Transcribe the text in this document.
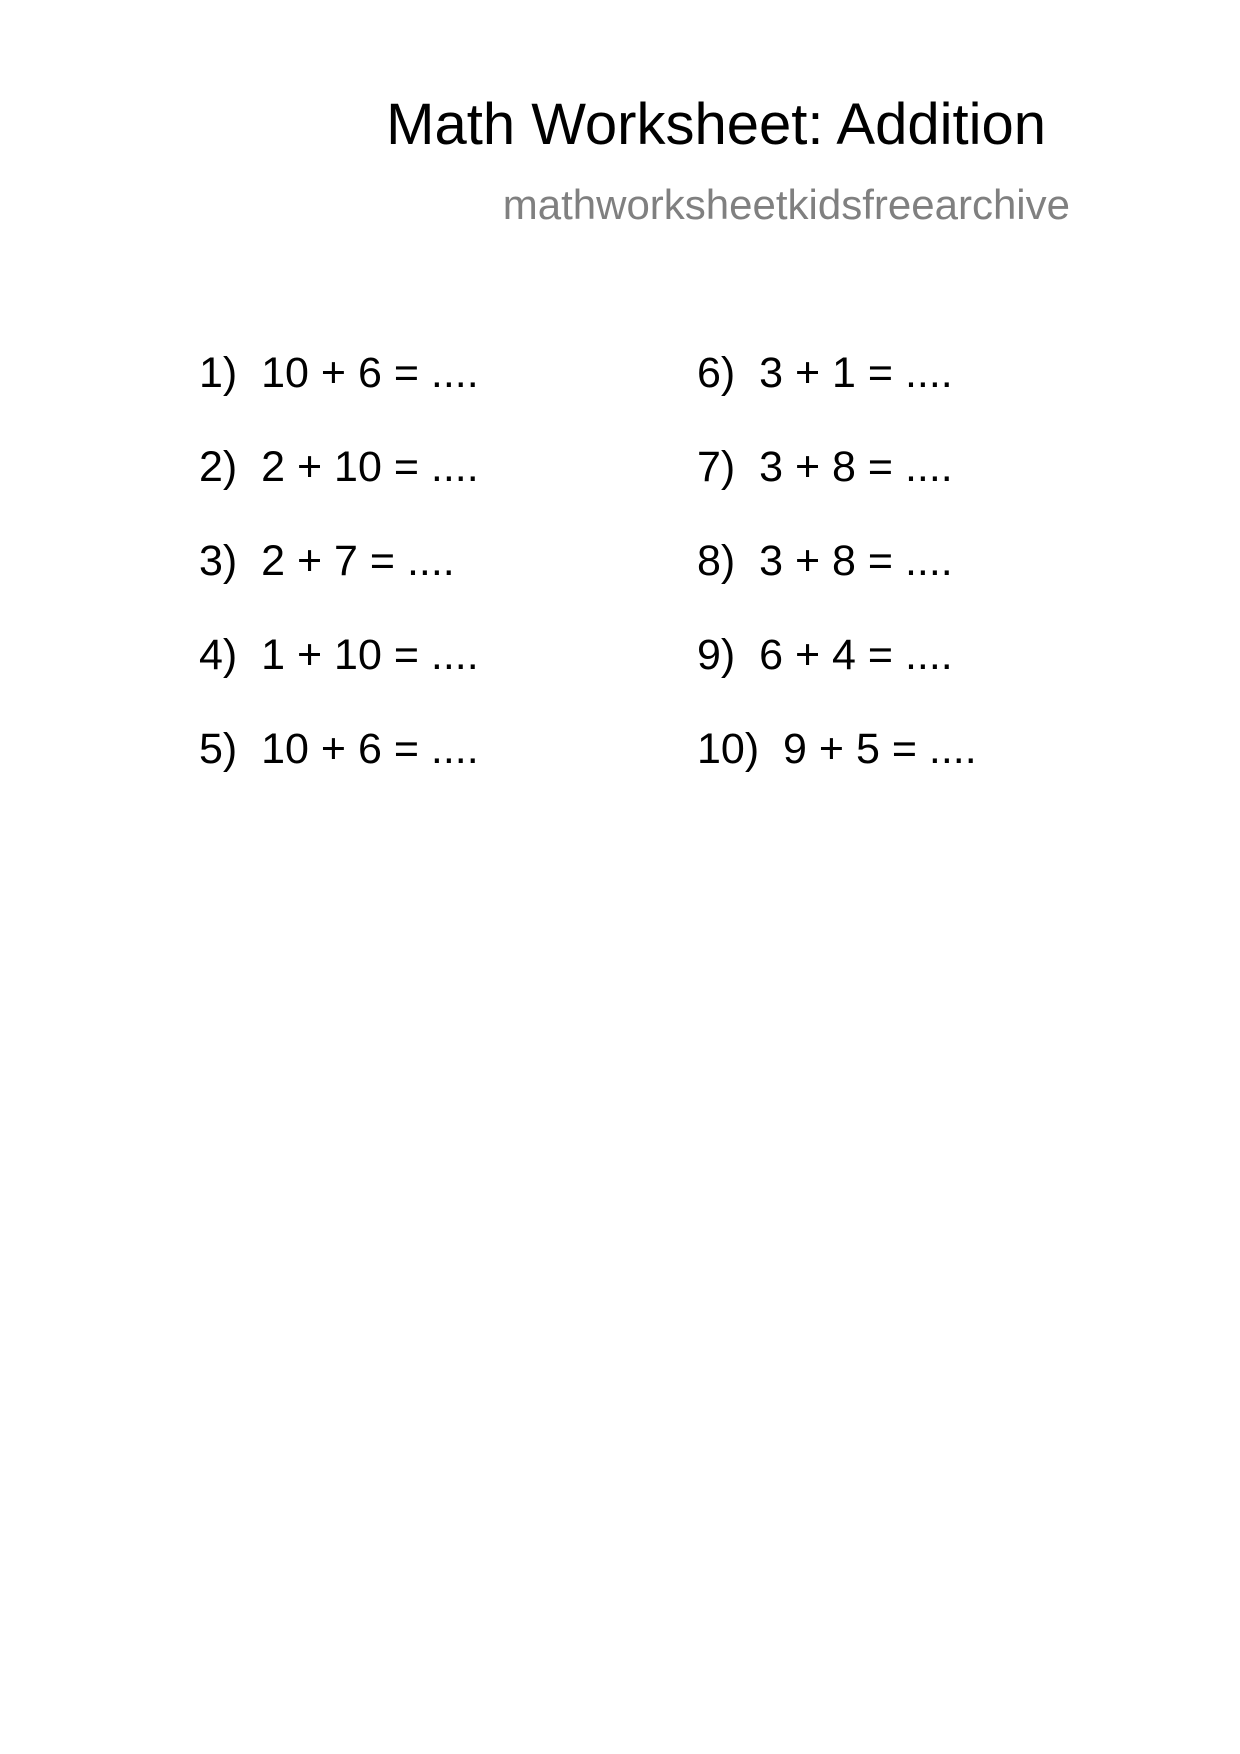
Math Worksheet: Addition
mathworksheetkidsfreearchive
1)  10 + 6 = ....
2)  2 + 10 = ....
3)  2 + 7 = ....
4)  1 + 10 = ....
5)  10 + 6 = ....
6)  3 + 1 = ....
7)  3 + 8 = ....
8)  3 + 8 = ....
9)  6 + 4 = ....
10)  9 + 5 = ....
